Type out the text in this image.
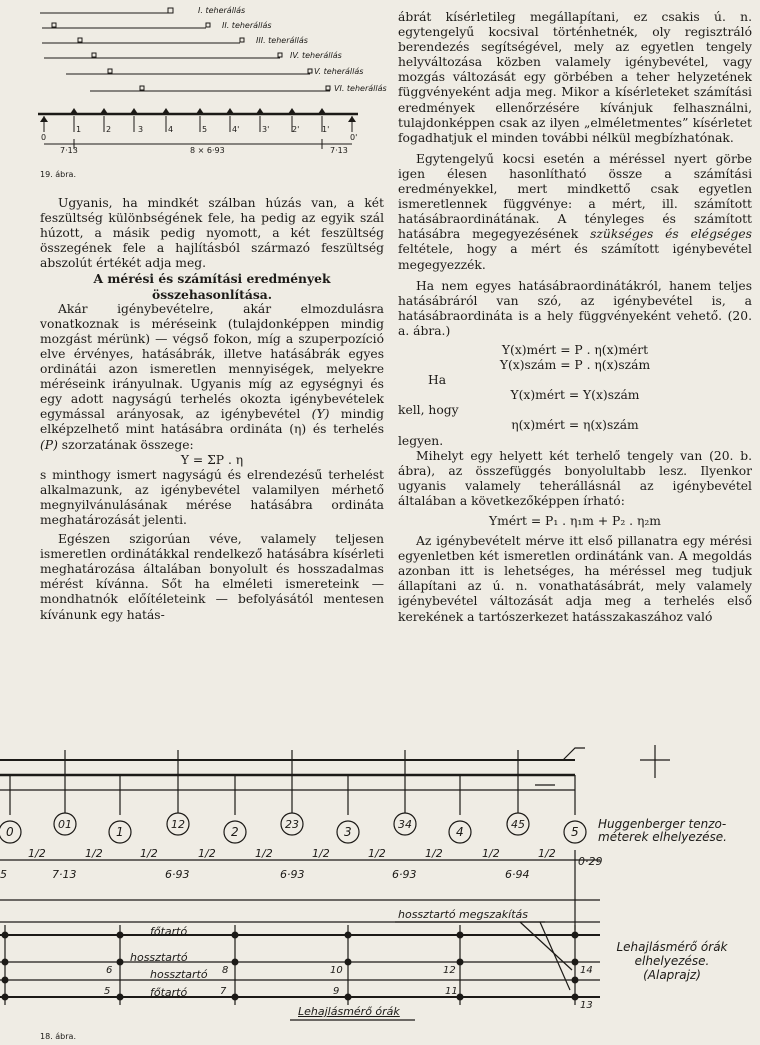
I. teherállás
II. teherállás
III. teherállás
IV. teherállás
V. teherállás
VI. teherállás
0
1	2	3	4	5	4'	3'	2'	1'
0'
7·13	8 × 6·93	7·13
19. ábra.

Ugyanis, ha mindkét szálban húzás van, a két feszültség különbségének fele, ha pedig az egyik szál húzott, a másik pedig nyomott, a két feszültség összegének fele a hajlításból származó feszültség abszolút értékét adja meg.

A mérési és számítási eredmények összehasonlítása.

Akár igénybevételre, akár elmozdulásra vonatkoznak is méréseink (tulajdonképpen mindig mozgást mérünk) — végső fokon, míg a szuperpozíció elve érvényes, hatásábrák, illetve hatásábrák egyes ordinátái azon ismeretlen mennyiségek, melyekre méréseink irányulnak. Ugyanis míg az egységnyi és egy adott nagyságú terhelés okozta igénybevételek egymással arányosak, az igénybevétel (Y) mindig elképzelhető mint hatásábra ordináta (η) és terhelés (P) szorzatának összege:

Y = ΣP . η

s minthogy ismert nagyságú és elrendezésű terhelést alkalmazunk, az igénybevétel valamilyen mérhető megnyilvánulásának mérése hatásábra ordináta meghatározását jelenti.

Egészen szigorúan véve, valamely teljesen ismeretlen ordinátákkal rendelkező hatásábra kísérleti meghatározása általában bonyolult és hosszadalmas mérést kívánna. Sőt ha elméleti ismereteink — mondhatnók előítéleteink — befolyásától mentesen kívánunk egy hatás-

ábrát kísérletileg megállapítani, ez csakis ú. n. egytengelyű kocsival történhetnék, oly regisztráló berendezés segítségével, mely az egyetlen tengely helyváltozása közben valamely igénybevétel, vagy mozgás változását egy görbében a teher helyzetének függvényeként adja meg. Mikor a kísérleteket számítási eredmények ellenőrzésére kívánjuk felhasználni, tulajdonképpen csak az ilyen „elméletmentes” kísérletet fogadhatjuk el minden további nélkül megbízhatónak.

Egytengelyű kocsi esetén a méréssel nyert görbe igen élesen hasonlítható össze a számítási eredményekkel, mert mindkettő csak egyetlen ismeretlennek függvénye: a mért, ill. számított hatásábraordinátának. A tényleges és számított hatásábra megegyezésének szükséges és elégséges feltétele, hogy a mért és számított igénybevétel megegyezzék.

Ha nem egyes hatásábraordinátákról, hanem teljes hatásábráról van szó, az igénybevétel is, a hatásábraordináta is a hely függvényeként vehető. (20. a. ábra.)

Y(x)mért = P . η(x)mért

Y(x)szám = P . η(x)szám

Ha

Y(x)mért = Y(x)szám

kell, hogy

η(x)mért = η(x)szám

legyen.

Mihelyt egy helyett két terhelő tengely van (20. b. ábra), az összefüggés bonyolultabb lesz. Ilyenkor ugyanis valamely teherállásnál az igénybevétel általában a következőképpen írható:

Ymért = P₁ . η₁m + P₂ . η₂m

Az igénybevételt mérve itt első pillanatra egy mérési egyenletben két ismeretlen ordinátánk van. A megoldás azonban itt is lehetséges, ha méréssel meg tudjuk állapítani az ú. n. vonathatásábrát, mely valamely igénybevétel változását adja meg a terhelés első kerekének a tartószerkezet hatásszakaszához való

01	12	23	34	45
0	1	2	3	4	5
1/2	1/2	1/2	1/2	1/2	1/2	1/2	1/2	1/2	1/2
5	7·13	6·93	6·93	6·93	6·94
0·29
Huggenberger tenzo-méterek elhelyezése.
főtartó
hossztartó
hossztartó
főtartó
hossztartó megszakítás
6
5
8
7
10
9
12
11
14
13
Lehajlásmérő órák
Lehajlásmérő órák elhelyezése. (Alaprajz)
18. ábra.
